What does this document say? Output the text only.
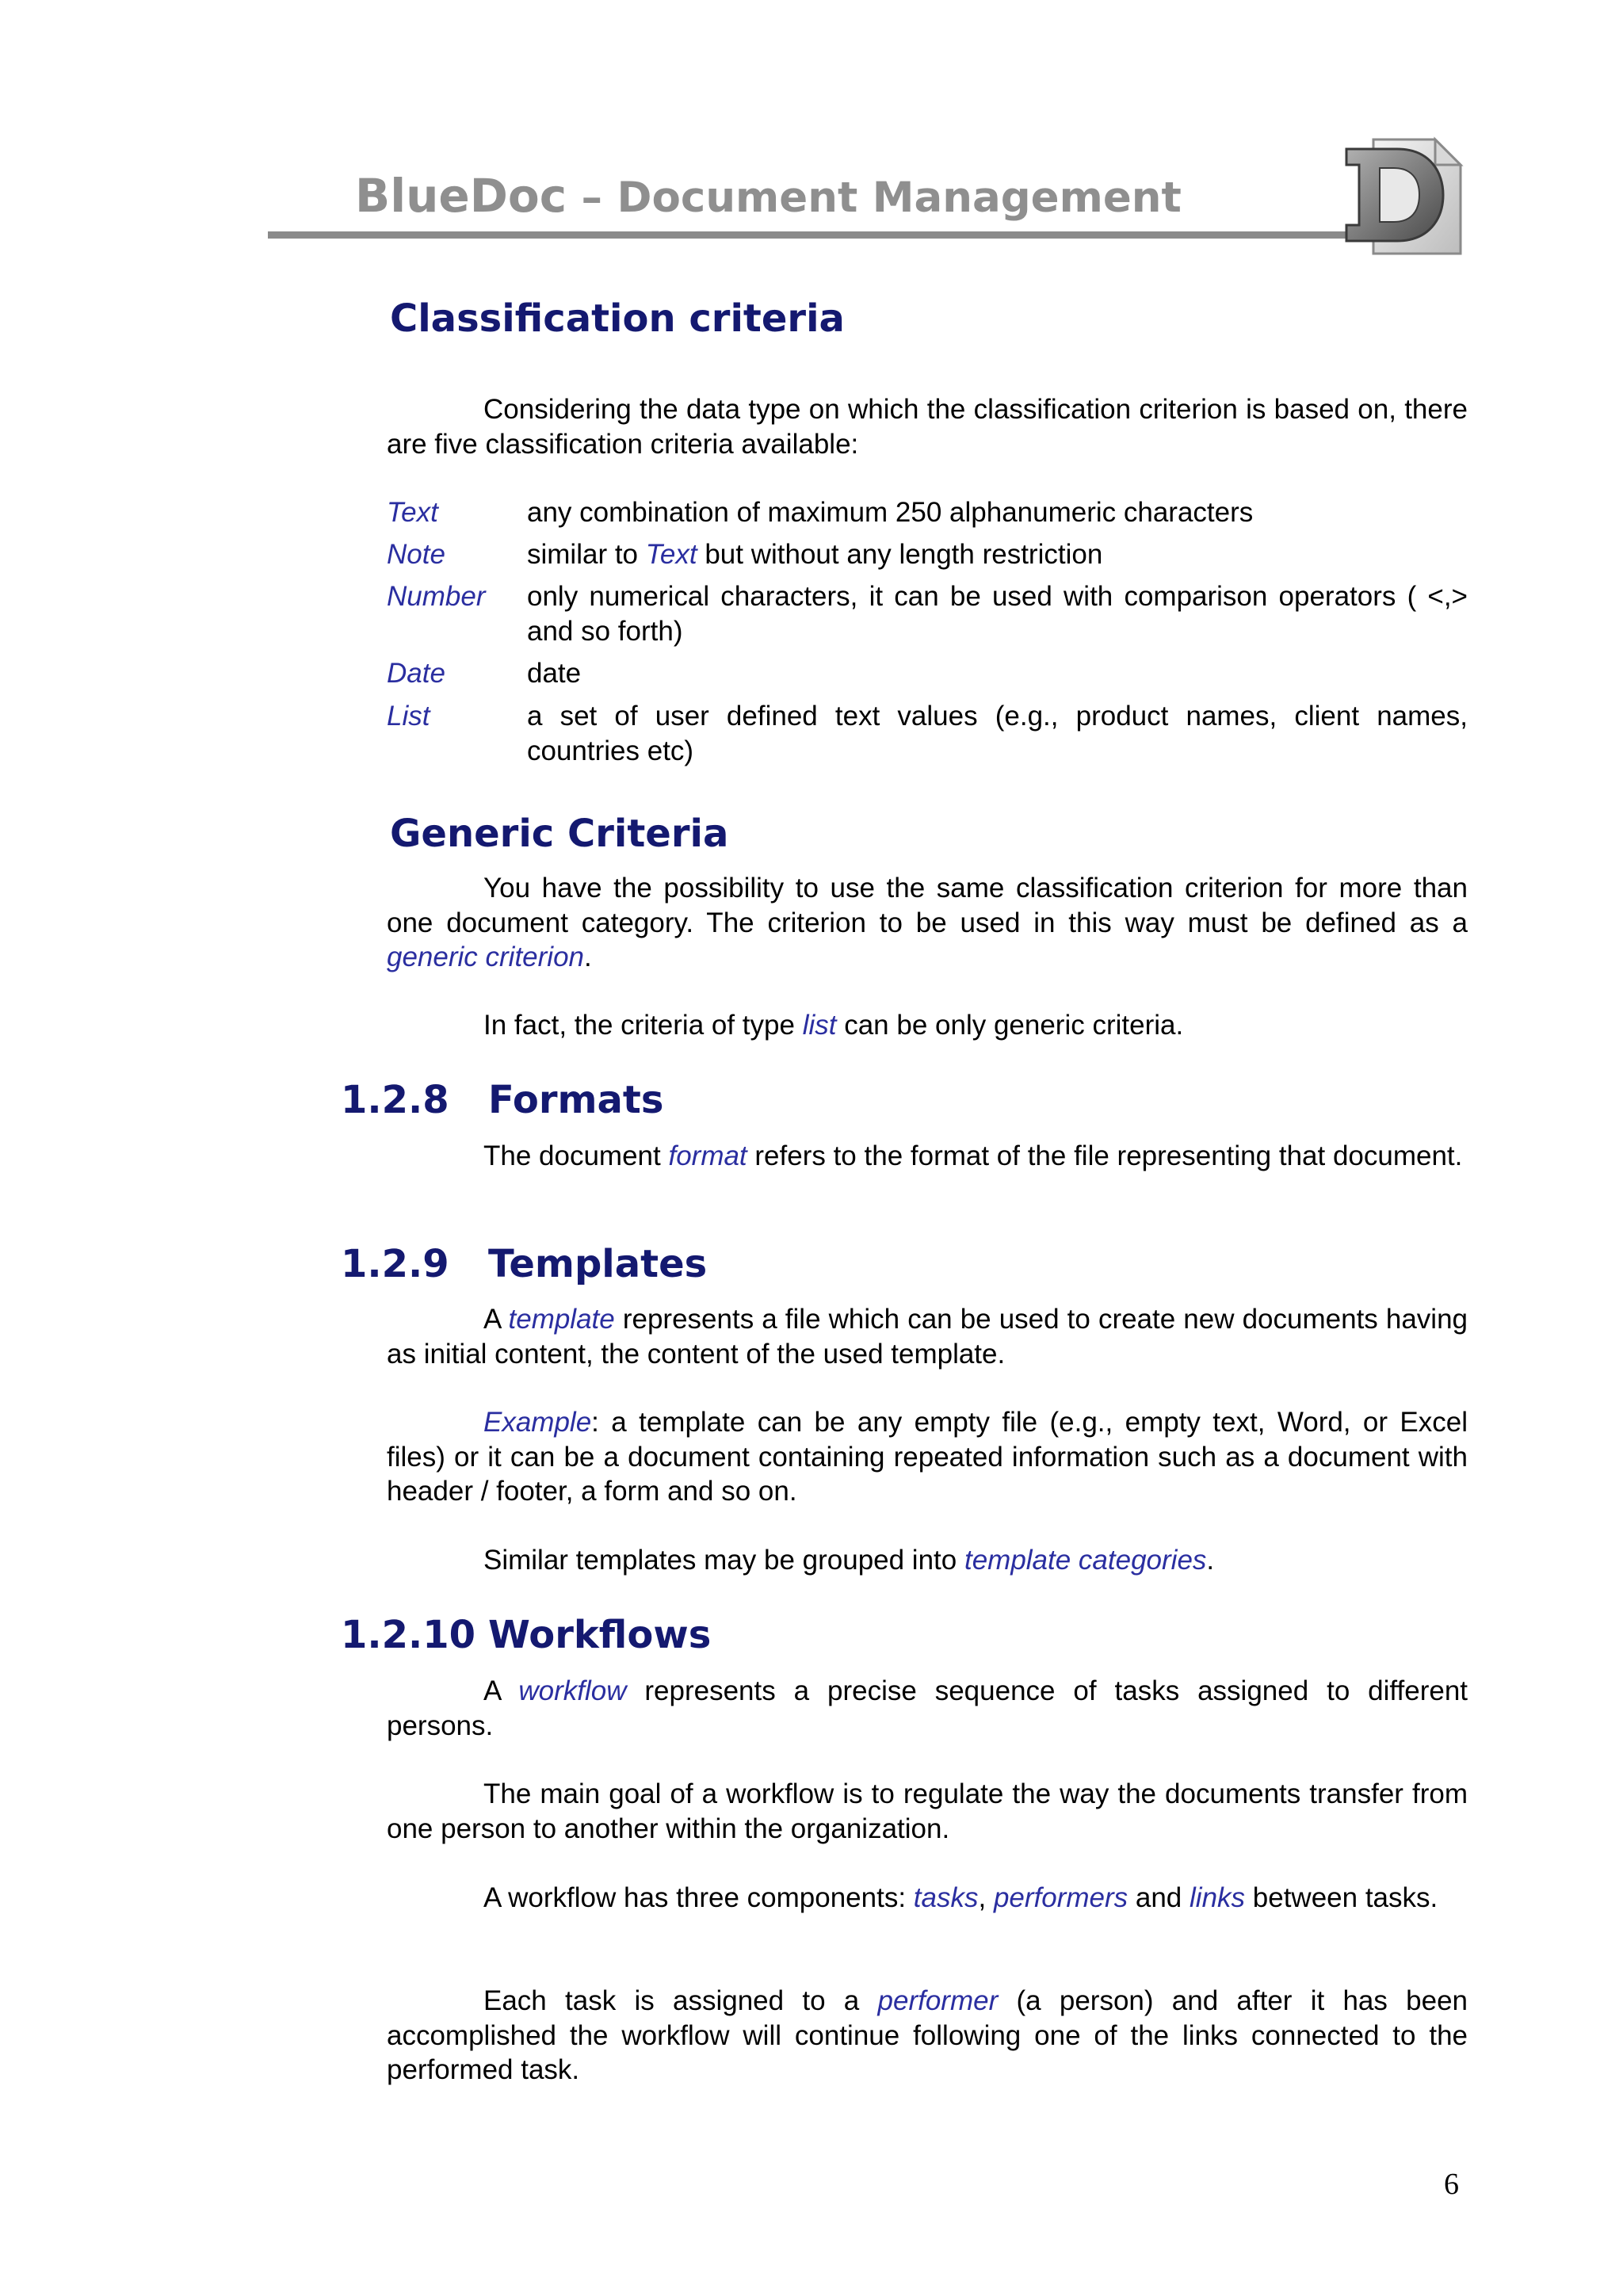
BlueDoc – Document Management
Classification criteria

Considering the data type on which the classification criterion is based on, there are five classification criteria available:

Text	any combination of maximum 250 alphanumeric characters
Note	similar to Text but without any length restriction
Number only numerical characters, it can be used with comparison operators ( <,> and so forth)
Date	date
List	a set of user defined text values (e.g., product names, client names, countries etc)
Generic Criteria

You have the possibility to use the same classification criterion for more than one document category. The criterion to be used in this way must be defined as a generic criterion.

In fact, the criteria of type list can be only generic criteria.

1.2.8 Formats

The document format refers to the format of the file representing that document.

1.2.9 Templates

A template represents a file which can be used to create new documents having as initial content, the content of the used template.

Example: a template can be any empty file (e.g., empty text, Word, or Excel files) or it can be a document containing repeated information such as a document with header / footer, a form and so on.

Similar templates may be grouped into template categories.

1.2.10 Workflows

A workflow represents a precise sequence of tasks assigned to different persons.

The main goal of a workflow is to regulate the way the documents transfer from one person to another within the organization.

A workflow has three components: tasks, performers and links between tasks.

Each task is assigned to a performer (a person) and after it has been accomplished the workflow will continue following one of the links connected to the performed task.

6
